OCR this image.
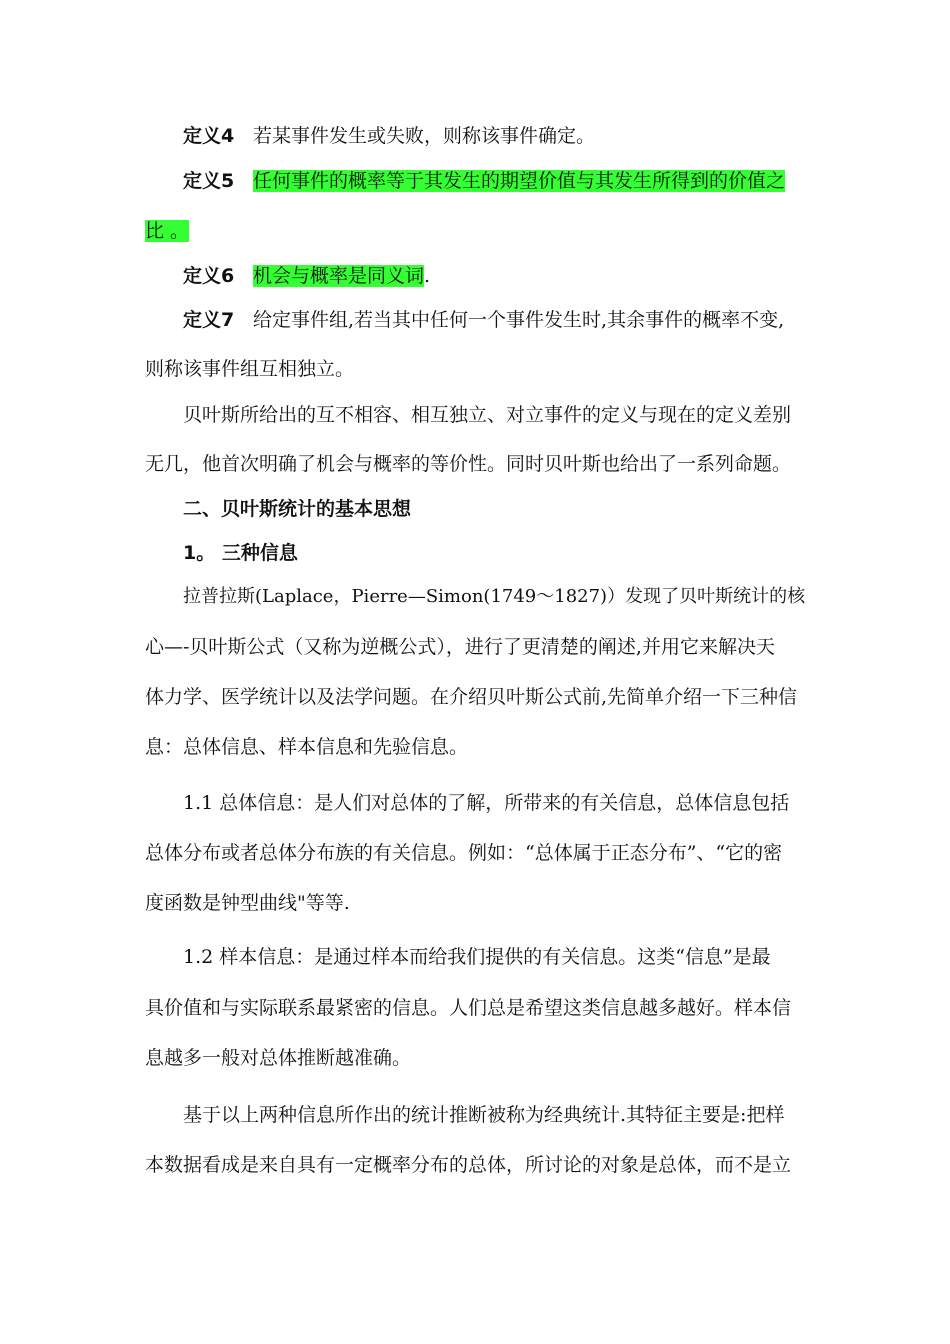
定义4 若某事件发生或失败，则称该事件确定。
定义5 任何事件的概率等于其发生的期望价值与其发生所得到的价值之
比 。
定义6 机会与概率是同义词.
定义7 给定事件组,若当其中任何一个事件发生时,其余事件的概率不变,
则称该事件组互相独立。
贝叶斯所给出的互不相容、相互独立、对立事件的定义与现在的定义差别
无几，他首次明确了机会与概率的等价性。同时贝叶斯也给出了一系列命题。
二、贝叶斯统计的基本思想
1。 三种信息
拉普拉斯(Laplace，Pierre—Simon(1749～1827)）发现了贝叶斯统计的核
心—-贝叶斯公式（又称为逆概公式），进行了更清楚的阐述,并用它来解决天
体力学、医学统计以及法学问题。在介绍贝叶斯公式前,先简单介绍一下三种信
息：总体信息、样本信息和先验信息。
1.1 总体信息：是人们对总体的了解，所带来的有关信息，总体信息包括
总体分布或者总体分布族的有关信息。例如：“总体属于正态分布”、“它的密
度函数是钟型曲线"等等.
1.2 样本信息：是通过样本而给我们提供的有关信息。这类“信息”是最
具价值和与实际联系最紧密的信息。人们总是希望这类信息越多越好。样本信
息越多一般对总体推断越准确。
基于以上两种信息所作出的统计推断被称为经典统计.其特征主要是:把样
本数据看成是来自具有一定概率分布的总体，所讨论的对象是总体，而不是立
